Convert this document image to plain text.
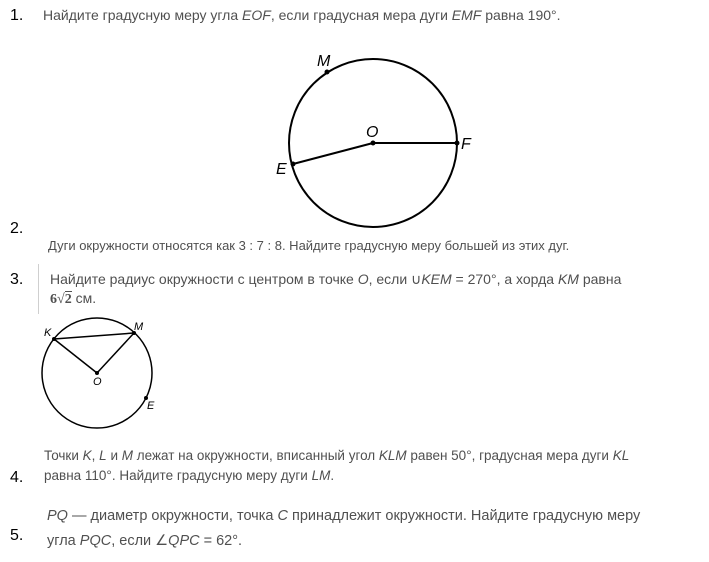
1. Найдите градусную меру угла EOF, если градусная мера дуги EMF равна 190°.
M
O
E
F
2.
Дуги окружности относятся как 3 : 7 : 8. Найдите градусную меру большей из этих дуг.
3. Найдите радиус окружности с центром в точке O, если ∪KEM = 270°, а хорда KM равна
6√2 см.
K	M
O
E
4.
Точки K, L и M лежат на окружности, вписанный угол KLM равен 50°, градусная мера дуги KL
равна 110°. Найдите градусную меру дуги LM.
5.
PQ — диаметр окружности, точка C принадлежит окружности. Найдите градусную меру
угла PQC, если ∠QPC = 62°.
